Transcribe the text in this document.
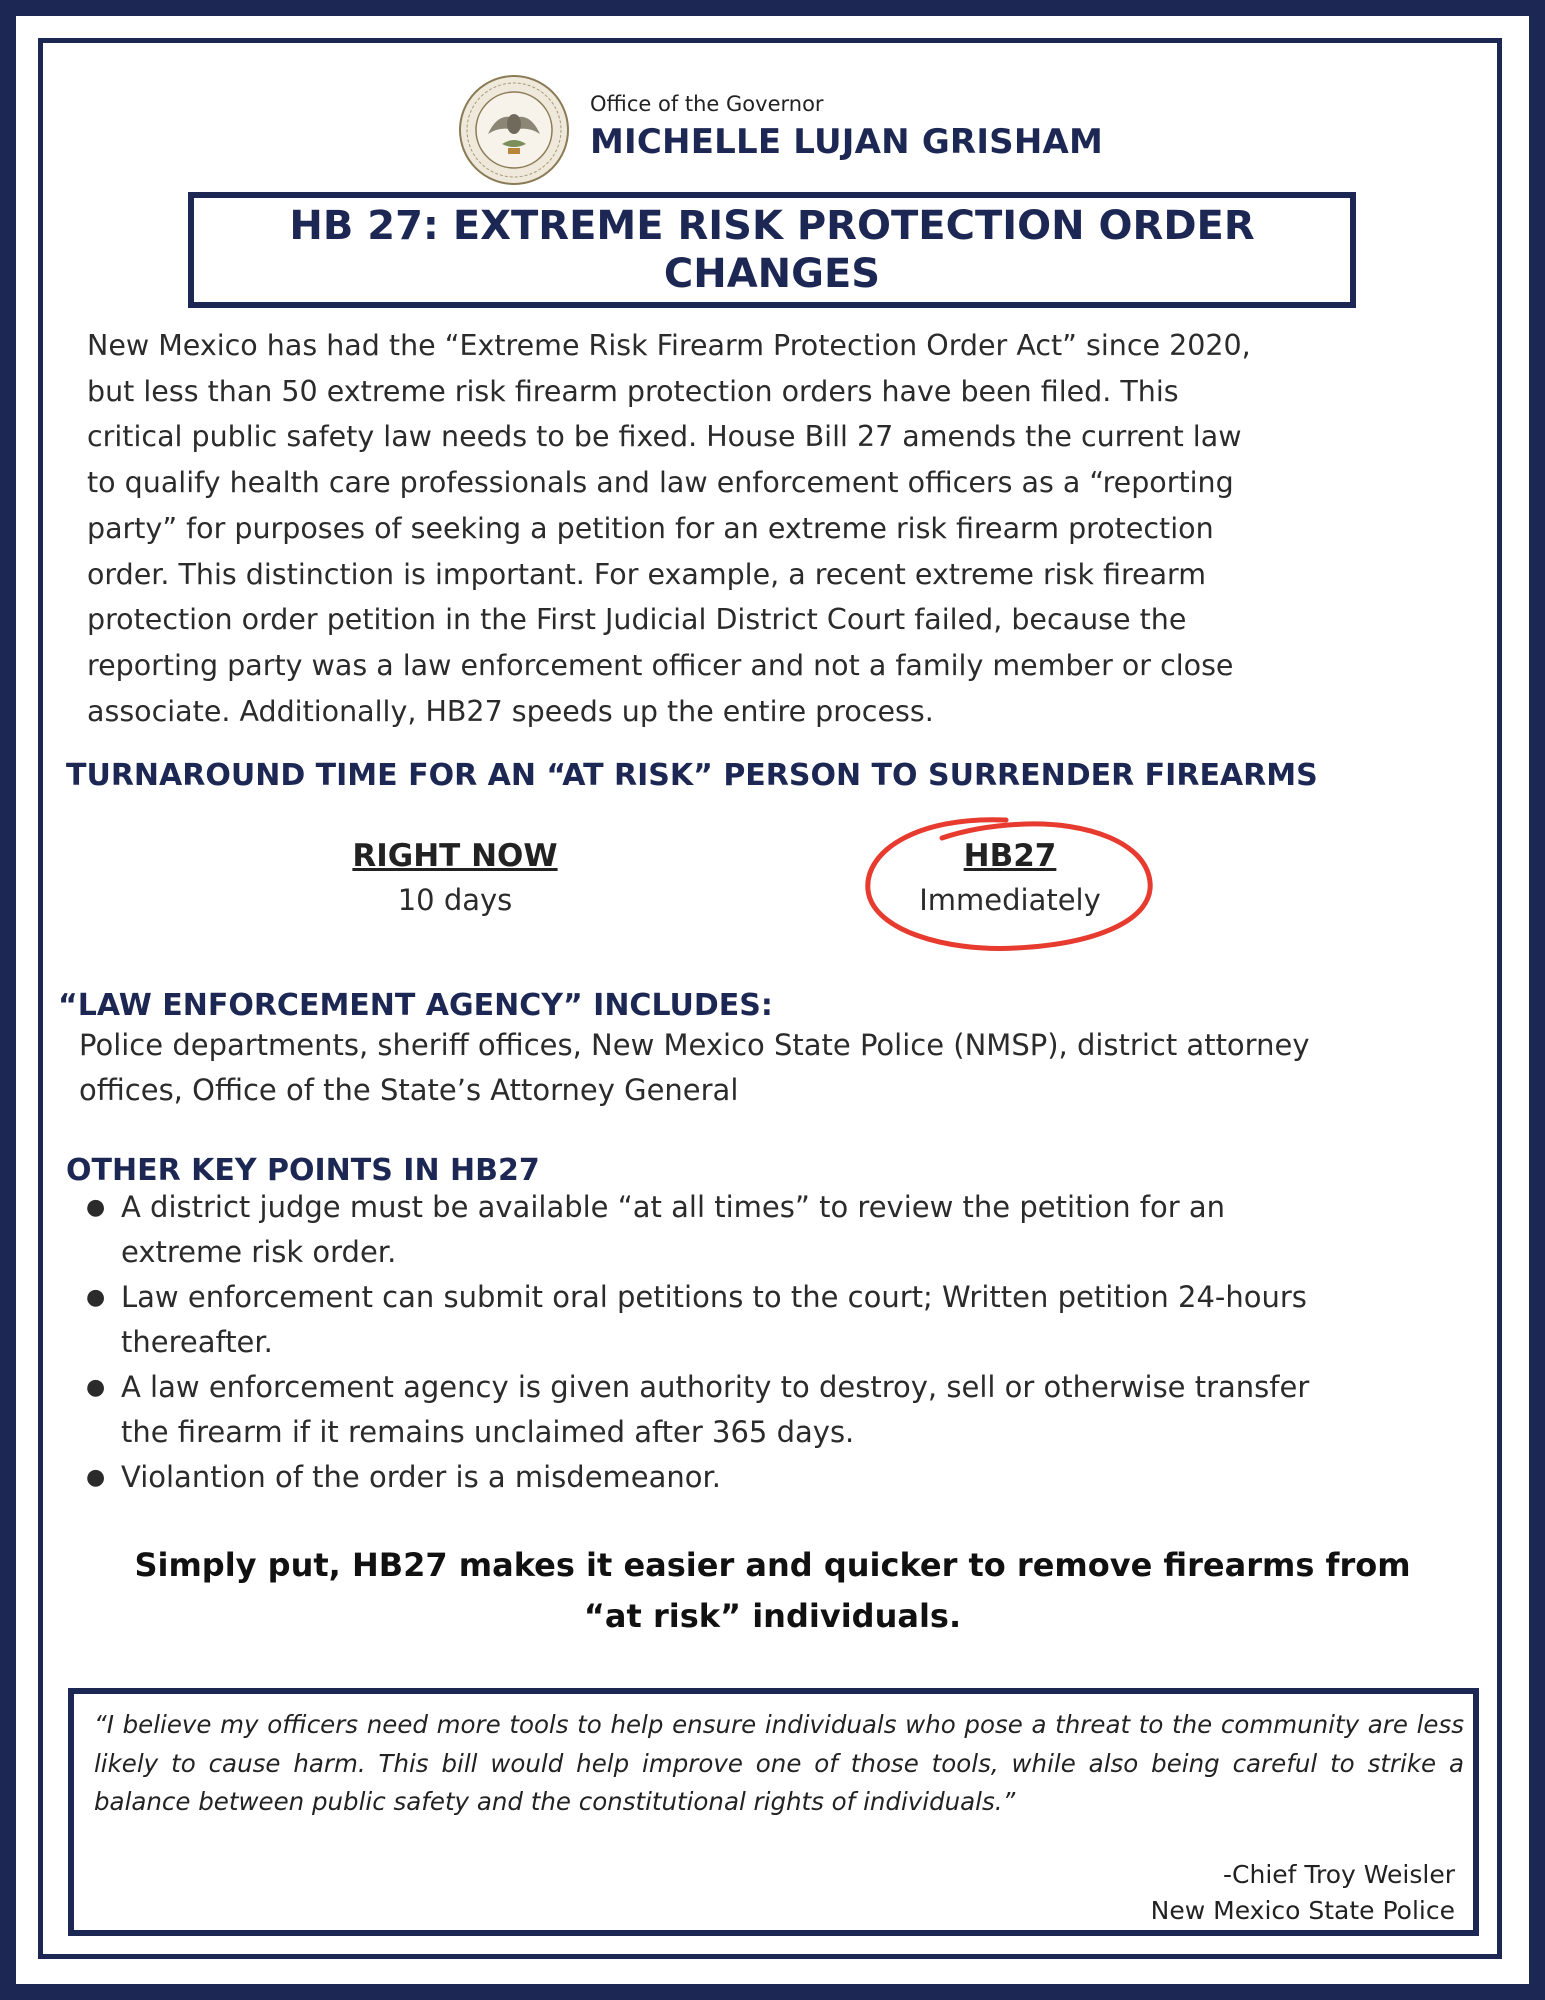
Office of the Governor
MICHELLE LUJAN GRISHAM
HB 27: EXTREME RISK PROTECTION ORDER CHANGES
New Mexico has had the “Extreme Risk Firearm Protection Order Act” since 2020,
but less than 50 extreme risk firearm protection orders have been filed. This
critical public safety law needs to be fixed. House Bill 27 amends the current law
to qualify health care professionals and law enforcement officers as a “reporting
party” for purposes of seeking a petition for an extreme risk firearm protection
order. This distinction is important. For example, a recent extreme risk firearm
protection order petition in the First Judicial District Court failed, because the
reporting party was a law enforcement officer and not a family member or close
associate. Additionally, HB27 speeds up the entire process.
TURNAROUND TIME FOR AN “AT RISK” PERSON TO SURRENDER FIREARMS
RIGHT NOW
10 days
HB27
Immediately
“LAW ENFORCEMENT AGENCY” INCLUDES:
Police departments, sheriff offices, New Mexico State Police (NMSP), district attorney
offices, Office of the State’s Attorney General
OTHER KEY POINTS IN HB27
● A district judge must be available “at all times” to review the petition for an
extreme risk order.
● Law enforcement can submit oral petitions to the court; Written petition 24-hours
thereafter.
● A law enforcement agency is given authority to destroy, sell or otherwise transfer
the firearm if it remains unclaimed after 365 days.
● Violantion of the order is a misdemeanor.
Simply put, HB27 makes it easier and quicker to remove firearms from
“at risk” individuals.
“I believe my officers need more tools to help ensure individuals who pose a threat to the community are less likely to cause harm. This bill would help improve one of those tools, while also being careful to strike a balance between public safety and the constitutional rights of individuals.”
-Chief Troy Weisler
New Mexico State Police
